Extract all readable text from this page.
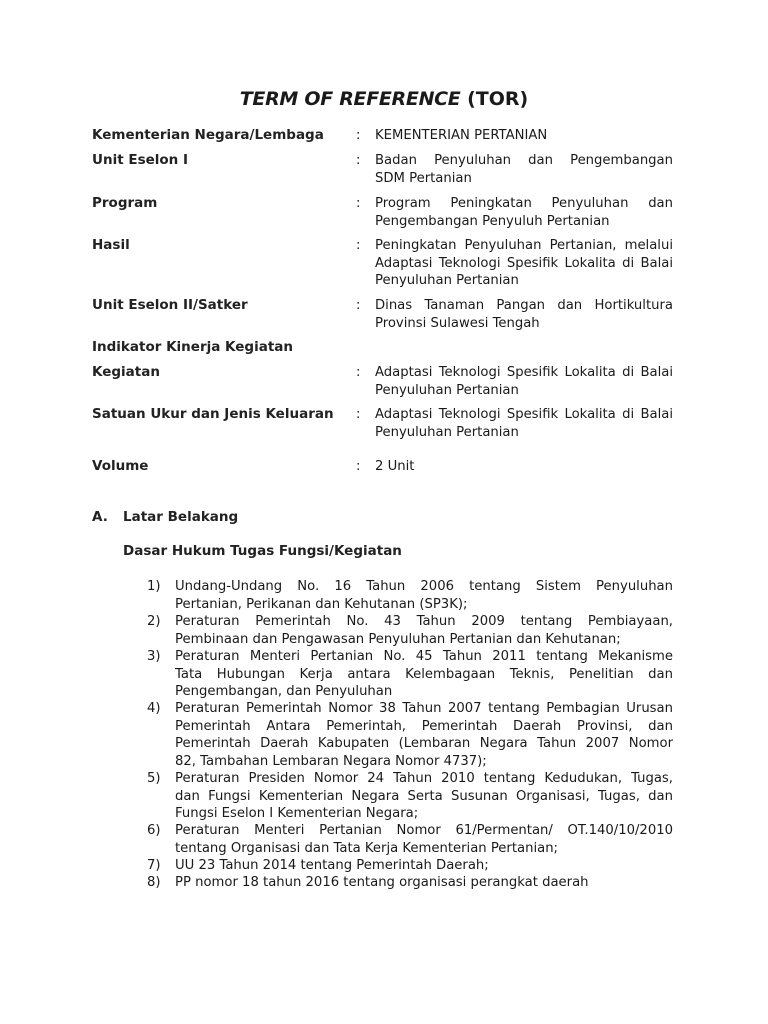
TERM OF REFERENCE (TOR)
Kementerian Negara/Lembaga : KEMENTERIAN PERTANIAN
Unit Eselon I	: Badan Penyuluhan dan Pengembangan
SDM Pertanian
Program	: Program Peningkatan Penyuluhan dan
Pengembangan Penyuluh Pertanian
Hasil	: Peningkatan Penyuluhan Pertanian, melalui
Adaptasi Teknologi Spesifik Lokalita di Balai
Penyuluhan Pertanian
Unit Eselon II/Satker	: Dinas Tanaman Pangan dan Hortikultura
Provinsi Sulawesi Tengah
Indikator Kinerja Kegiatan
Kegiatan	: Adaptasi Teknologi Spesifik Lokalita di Balai
Penyuluhan Pertanian
Satuan Ukur dan Jenis Keluaran : Adaptasi Teknologi Spesifik Lokalita di Balai
Penyuluhan Pertanian
Volume	: 2 Unit
A. Latar Belakang
Dasar Hukum Tugas Fungsi/Kegiatan
1) Undang-Undang No. 16 Tahun 2006 tentang Sistem Penyuluhan
Pertanian, Perikanan dan Kehutanan (SP3K);
2) Peraturan Pemerintah No. 43 Tahun 2009 tentang Pembiayaan,
Pembinaan dan Pengawasan Penyuluhan Pertanian dan Kehutanan;
3) Peraturan Menteri Pertanian No. 45 Tahun 2011 tentang Mekanisme
Tata Hubungan Kerja antara Kelembagaan Teknis, Penelitian dan
Pengembangan, dan Penyuluhan
4) Peraturan Pemerintah Nomor 38 Tahun 2007 tentang Pembagian Urusan
Pemerintah Antara Pemerintah, Pemerintah Daerah Provinsi, dan
Pemerintah Daerah Kabupaten (Lembaran Negara Tahun 2007 Nomor
82, Tambahan Lembaran Negara Nomor 4737);
5) Peraturan Presiden Nomor 24 Tahun 2010 tentang Kedudukan, Tugas,
dan Fungsi Kementerian Negara Serta Susunan Organisasi, Tugas, dan
Fungsi Eselon I Kementerian Negara;
6) Peraturan Menteri Pertanian Nomor 61/Permentan/ OT.140/10/2010
tentang Organisasi dan Tata Kerja Kementerian Pertanian;
7) UU 23 Tahun 2014 tentang Pemerintah Daerah;
8) PP nomor 18 tahun 2016 tentang organisasi perangkat daerah
